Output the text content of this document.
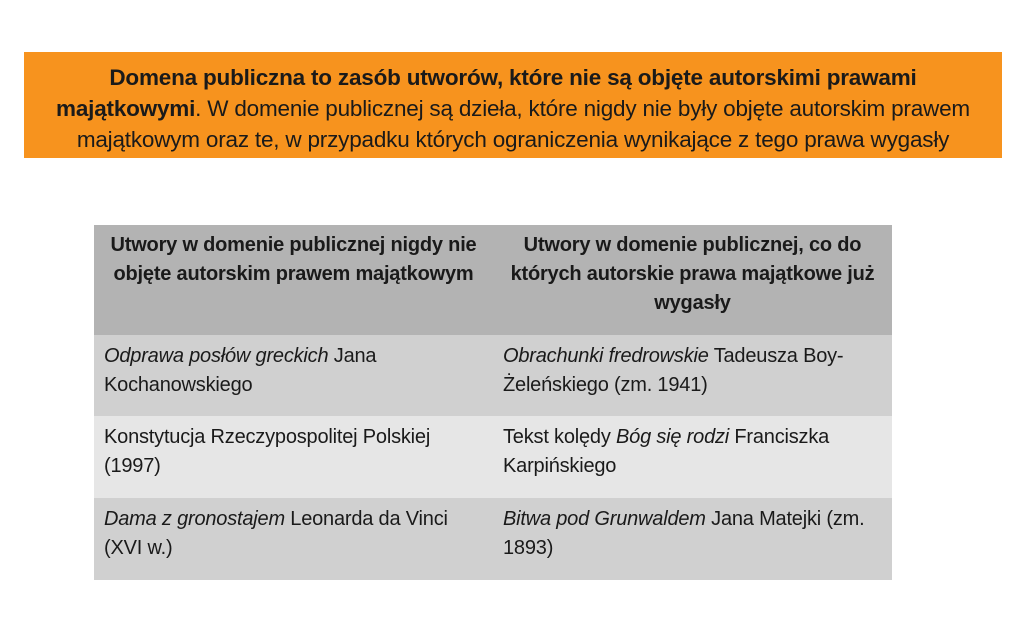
Domena publiczna to zasób utworów, które nie są objęte autorskimi prawami majątkowymi. W domenie publicznej są dzieła, które nigdy nie były objęte autorskim prawem majątkowym oraz te, w przypadku których ograniczenia wynikające z tego prawa wygasły
Utwory w domenie publicznej nigdy nie objęte autorskim prawem majątkowym	Utwory w domenie publicznej, co do których autorskie prawa majątkowe już wygasły
Odprawa posłów greckich Jana Kochanowskiego	Obrachunki fredrowskie Tadeusza Boy-Żeleńskiego (zm. 1941)
Konstytucja Rzeczypospolitej Polskiej (1997)	Tekst kolędy Bóg się rodzi Franciszka Karpińskiego
Dama z gronostajem Leonarda da Vinci (XVI w.)	Bitwa pod Grunwaldem Jana Matejki (zm. 1893)
